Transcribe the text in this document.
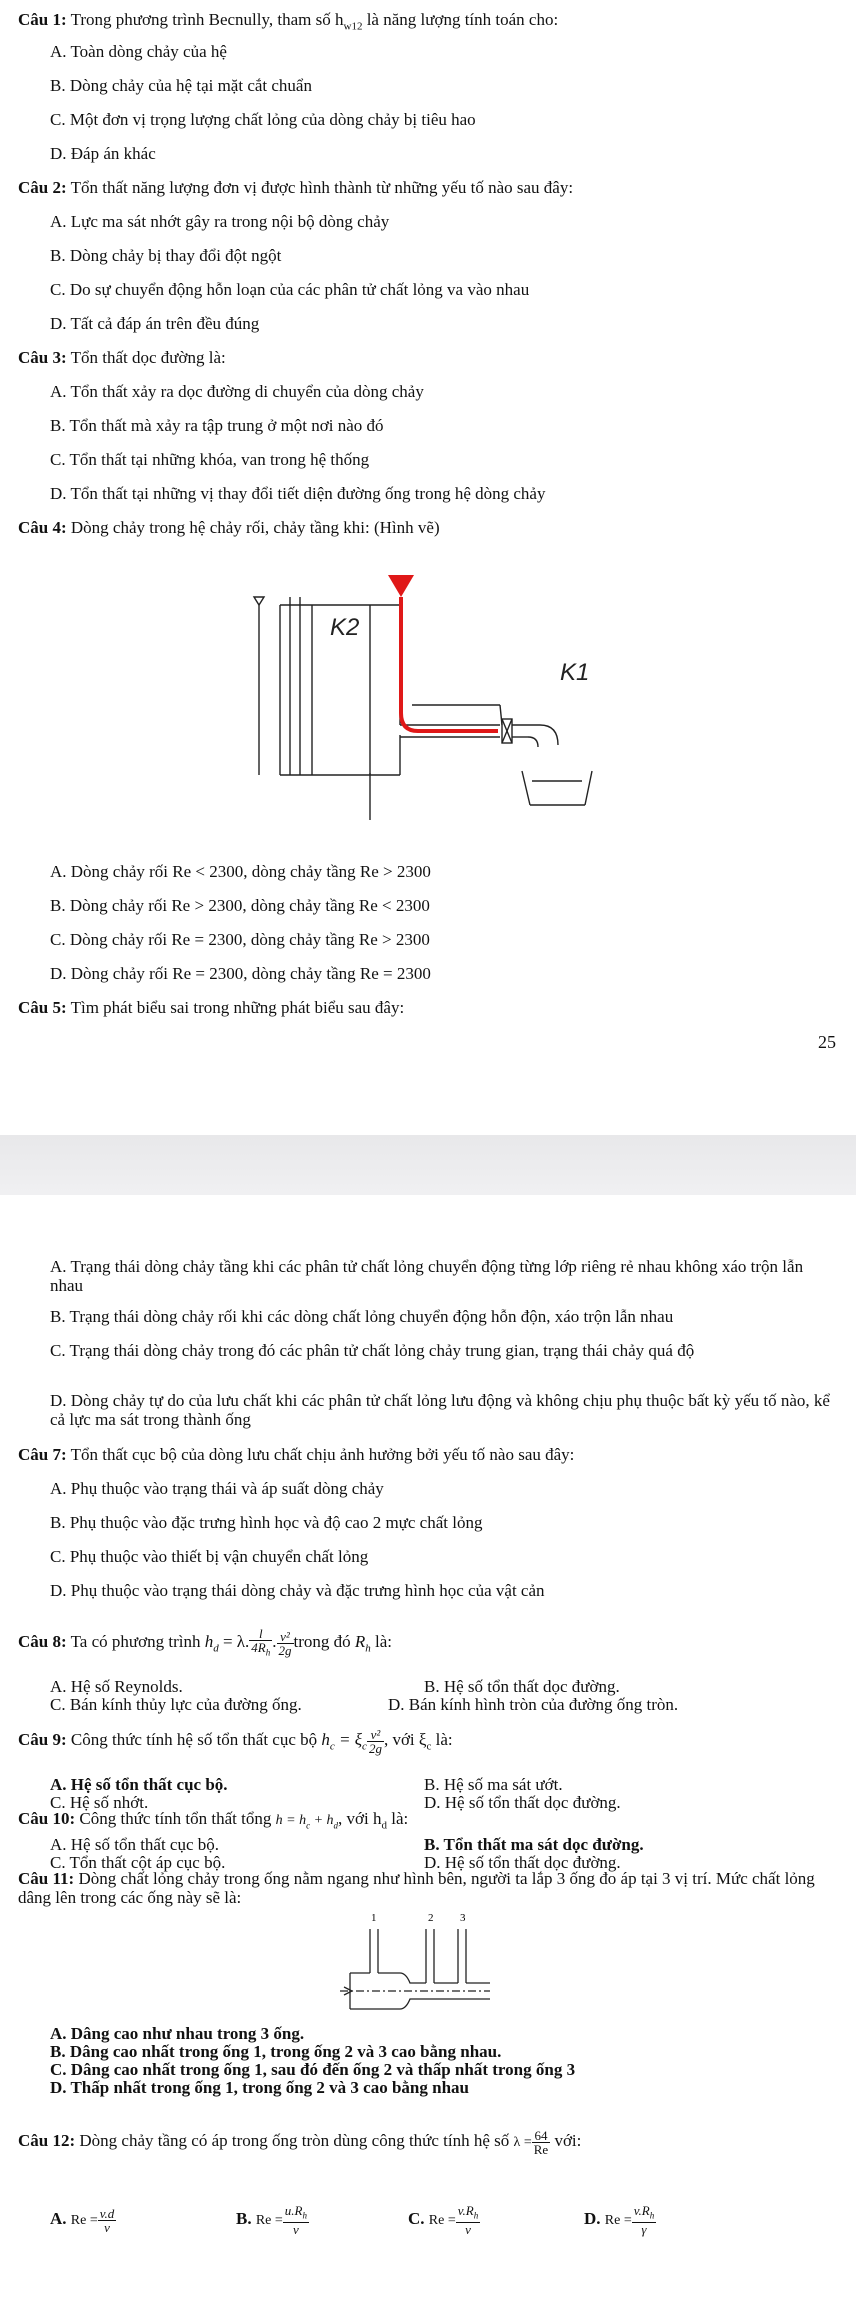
Câu 1: Trong phương trình Becnully, tham số $h_{w12}$ là năng lượng tính toán cho:
A. Toàn dòng chảy của hệ
B. Dòng chảy của hệ tại mặt cắt chuẩn
C. Một đơn vị trọng lượng chất lỏng của dòng chảy bị tiêu hao
D. Đáp án khác
Câu 2: Tổn thất năng lượng đơn vị được hình thành từ những yếu tố nào sau đây:
A. Lực ma sát nhớt gây ra trong nội bộ dòng chảy
B. Dòng chảy bị thay đổi đột ngột
C. Do sự chuyển động hỗn loạn của các phân tử chất lỏng va vào nhau
D. Tất cả đáp án trên đều đúng
Câu 3: Tổn thất dọc đường là:
A. Tổn thất xảy ra dọc đường di chuyển của dòng chảy
B. Tổn thất mà xảy ra tập trung ở một nơi nào đó
C. Tổn thất tại những khóa, van trong hệ thống
D. Tổn thất tại những vị thay đổi tiết diện đường ống trong hệ dòng chảy
Câu 4: Dòng chảy trong hệ chảy rối, chảy tầng khi: (Hình vẽ)
K2
K1
A. Dòng chảy rối Re < 2300, dòng chảy tầng Re > 2300
B. Dòng chảy rối Re > 2300, dòng chảy tầng Re < 2300
C. Dòng chảy rối Re = 2300, dòng chảy tầng Re > 2300
D. Dòng chảy rối Re = 2300, dòng chảy tầng Re = 2300
Câu 5: Tìm phát biểu sai trong những phát biểu sau đây:
25
A. Trạng thái dòng chảy tầng khi các phân tử chất lỏng chuyển động từng lớp riêng rẻ nhau không xáo trộn lẫn nhau
B. Trạng thái dòng chảy rối khi các dòng chất lỏng chuyển động hỗn độn, xáo trộn lẫn nhau
C. Trạng thái dòng chảy trong đó các phân tử chất lỏng chảy trung gian, trạng thái chảy quá độ
D. Dòng chảy tự do của lưu chất khi các phân tử chất lỏng lưu động và không chịu phụ thuộc bất kỳ yếu tố nào, kể cả lực ma sát trong thành ống
Câu 7: Tổn thất cục bộ của dòng lưu chất chịu ảnh hưởng bởi yếu tố nào sau đây:
A. Phụ thuộc vào trạng thái và áp suất dòng chảy
B. Phụ thuộc vào đặc trưng hình học và độ cao 2 mực chất lỏng
C. Phụ thuộc vào thiết bị vận chuyển chất lỏng
D. Phụ thuộc vào trạng thái dòng chảy và đặc trưng hình học của vật cản
Câu 8: Ta có phương trình $h_d = \lambda$. $\frac{l}{4R_h}$ . $\frac{\text{v²}}{2g}$ trong đó $R_h$ là:
A. Hệ số Reynolds.	B. Hệ số tổn thất dọc đường.
C. Bán kính thủy lực của đường ống.	D. Bán kính hình tròn của đường ống tròn.
Câu 9: Công thức tính hệ số tổn thất cục bộ $h_c = \xi_c \frac{\text{v²}}{2g}$ , với $\xi_c$ là:
A. Hệ số tổn thất cục bộ.	B. Hệ số ma sát ướt.
C. Hệ số nhớt.	D. Hệ số tổn thất dọc đường.
Câu 10: Công thức tính tổn thất tổng $h = h_c + h_d$, với $h_d$ là:
A. Hệ số tổn thất cục bộ.	B. Tổn thất ma sát dọc đường.
C. Tổn thất cột áp cục bộ.	D. Hệ số tổn thất dọc đường.
Câu 11: Dòng chất lỏng chảy trong ống nằm ngang như hình bên, người ta lắp 3 ống đo áp tại 3 vị trí. Mức chất lỏng dâng lên trong các ống này sẽ là:
1	2 3
A. Dâng cao như nhau trong 3 ống.
B. Dâng cao nhất trong ống 1, trong ống 2 và 3 cao bằng nhau.
C. Dâng cao nhất trong ống 1, sau đó đến ống 2 và thấp nhất trong ống 3
D. Thấp nhất trong ống 1, trong ống 2 và 3 cao bằng nhau
Câu 12: Dòng chảy tầng có áp trong ống tròn dùng công thức tính hệ số $\lambda = \frac{64}{Re}$ với:
A. $Re = \frac{v.d}{\nu}$	B. $Re = \frac{u.R_h}{\nu}$	C. $Re = \frac{v.R_h}{\nu}$	D. $Re = \frac{v.R_h}{\gamma}$
